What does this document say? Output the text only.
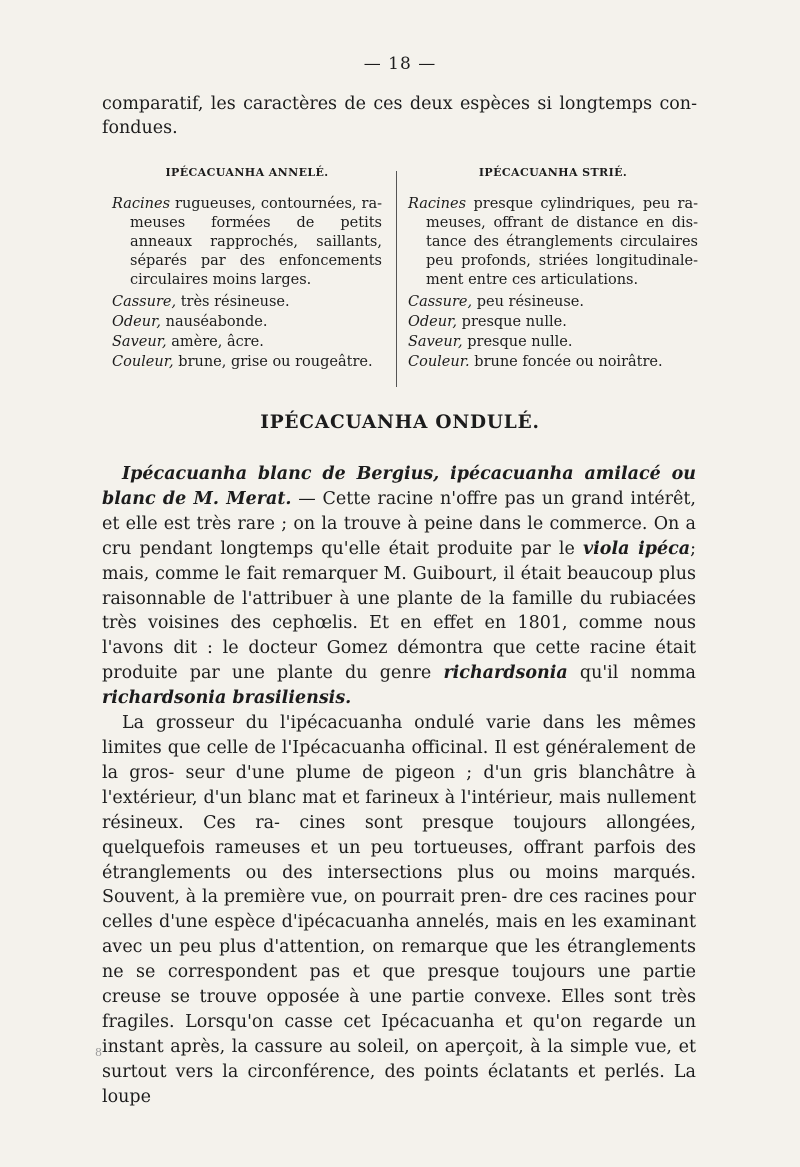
— 18 —
comparatif, les caractères de ces deux espèces si longtemps con-
fondues.
IPÉCACUANHA ANNELÉ.

Racines rugueuses, contournées, ra- meuses formées de petits anneaux rapprochés, saillants, séparés par des enfoncements circulaires moins larges.

Cassure, très résineuse.

Odeur, nauséabonde.

Saveur, amère, âcre.

Couleur, brune, grise ou rougeâtre.

IPÉCACUANHA STRIÉ.

Racines presque cylindriques, peu ra- meuses, offrant de distance en dis- tance des étranglements circulaires peu profonds, striées longitudinale- ment entre ces articulations.

Cassure, peu résineuse.

Odeur, presque nulle.

Saveur, presque nulle.

Couleur. brune foncée ou noirâtre.

IPÉCACUANHA ONDULÉ.

Ipécacuanha blanc de Bergius, ipécacuanha amilacé ou blanc de M. Merat. — Cette racine n'offre pas un grand intérêt, et elle est très rare ; on la trouve à peine dans le commerce. On a cru pendant longtemps qu'elle était produite par le viola ipéca; mais, comme le fait remarquer M. Guibourt, il était beaucoup plus raisonnable de l'attribuer à une plante de la famille du rubiacées très voisines des cephœlis. Et en effet en 1801, comme nous l'avons dit : le docteur Gomez démontra que cette racine était produite par une plante du genre richardsonia qu'il nomma richardsonia brasiliensis.

La grosseur du l'ipécacuanha ondulé varie dans les mêmes limites que celle de l'Ipécacuanha officinal. Il est généralement de la gros- seur d'une plume de pigeon ; d'un gris blanchâtre à l'extérieur, d'un blanc mat et farineux à l'intérieur, mais nullement résineux. Ces ra- cines sont presque toujours allongées, quelquefois rameuses et un peu tortueuses, offrant parfois des étranglements ou des intersections plus ou moins marqués. Souvent, à la première vue, on pourrait pren- dre ces racines pour celles d'une espèce d'ipécacuanha annelés, mais en les examinant avec un peu plus d'attention, on remarque que les étranglements ne se correspondent pas et que presque toujours une partie creuse se trouve opposée à une partie convexe. Elles sont très fragiles. Lorsqu'on casse cet Ipécacuanha et qu'on regarde un instant après, la cassure au soleil, on aperçoit, à la simple vue, et surtout vers la circonférence, des points éclatants et perlés. La loupe

8
